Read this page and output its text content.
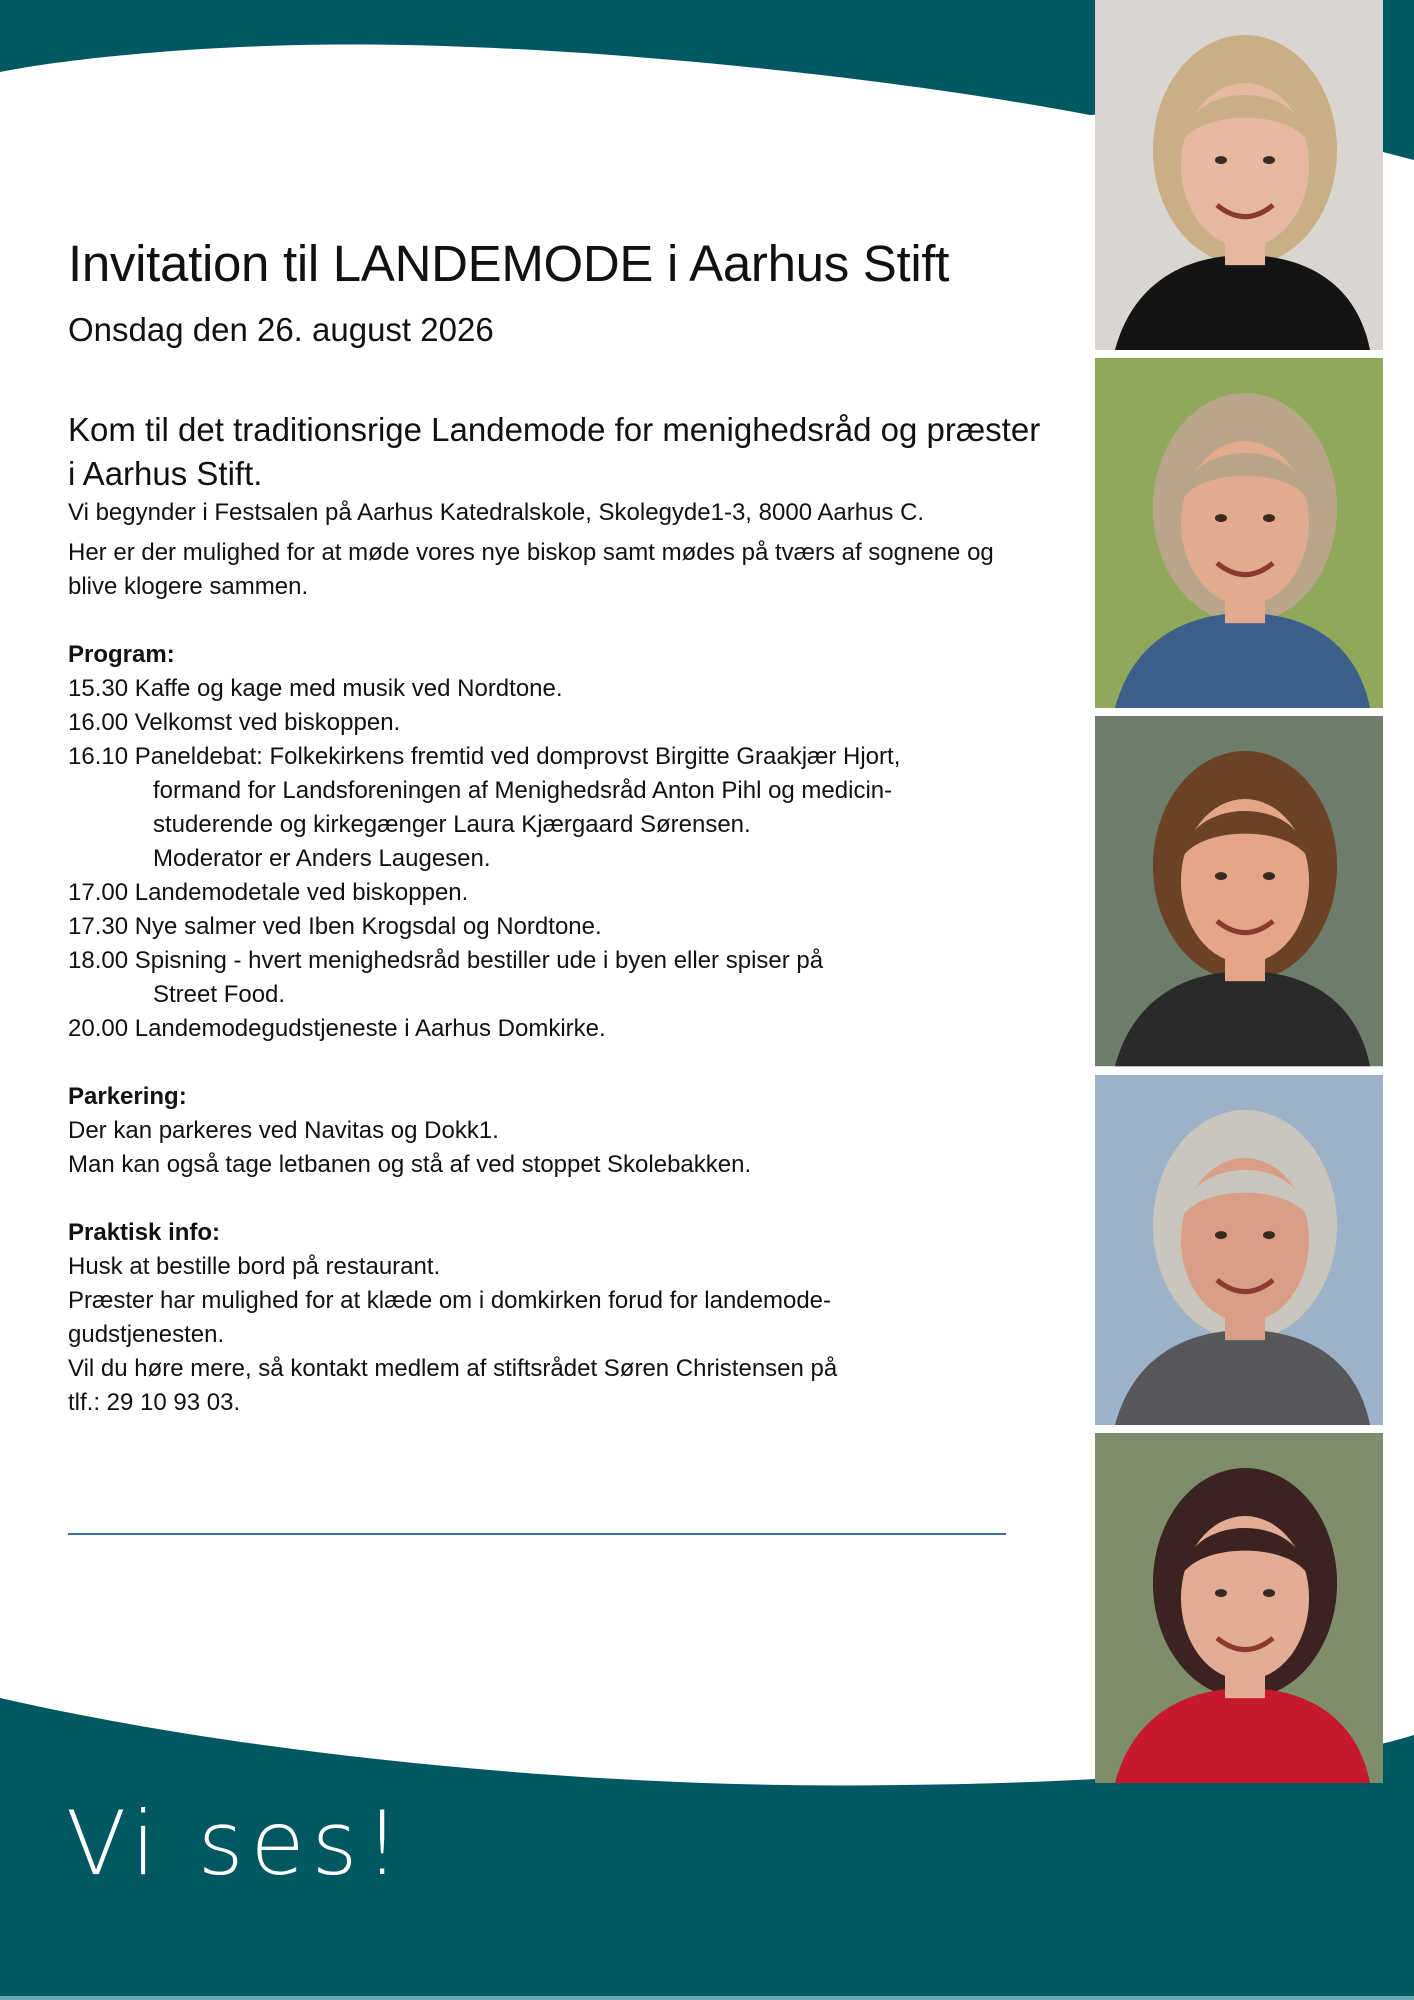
Invitation til LANDEMODE i Aarhus Stift
Onsdag den 26. august 2026
Kom til det traditionsrige Landemode for menighedsråd og præster i Aarhus Stift.
Vi begynder i Festsalen på Aarhus Katedralskole, Skolegyde1-3, 8000 Aarhus C.
Her er der mulighed for at møde vores nye biskop samt mødes på tværs af sognene og blive klogere sammen.
Program:
15.30 Kaffe og kage med musik ved Nordtone.
16.00 Velkomst ved biskoppen.
16.10 Paneldebat: Folkekirkens fremtid ved domprovst Birgitte Graakjær Hjort,
formand for Landsforeningen af Menighedsråd Anton Pihl og medicin-
studerende og kirkegænger Laura Kjærgaard Sørensen.
Moderator er Anders Laugesen.
17.00 Landemodetale ved biskoppen.
17.30 Nye salmer ved Iben Krogsdal og Nordtone.
18.00 Spisning - hvert menighedsråd bestiller ude i byen eller spiser på
Street Food.
20.00 Landemodegudstjeneste i Aarhus Domkirke.
Parkering:
Der kan parkeres ved Navitas og Dokk1.
Man kan også tage letbanen og stå af ved stoppet Skolebakken.
Praktisk info:
Husk at bestille bord på restaurant.
Præster har mulighed for at klæde om i domkirken forud for landemode-
gudstjenesten.
Vil du høre mere, så kontakt medlem af stiftsrådet Søren Christensen på
tlf.: 29 10 93 03.
Vi ses!
